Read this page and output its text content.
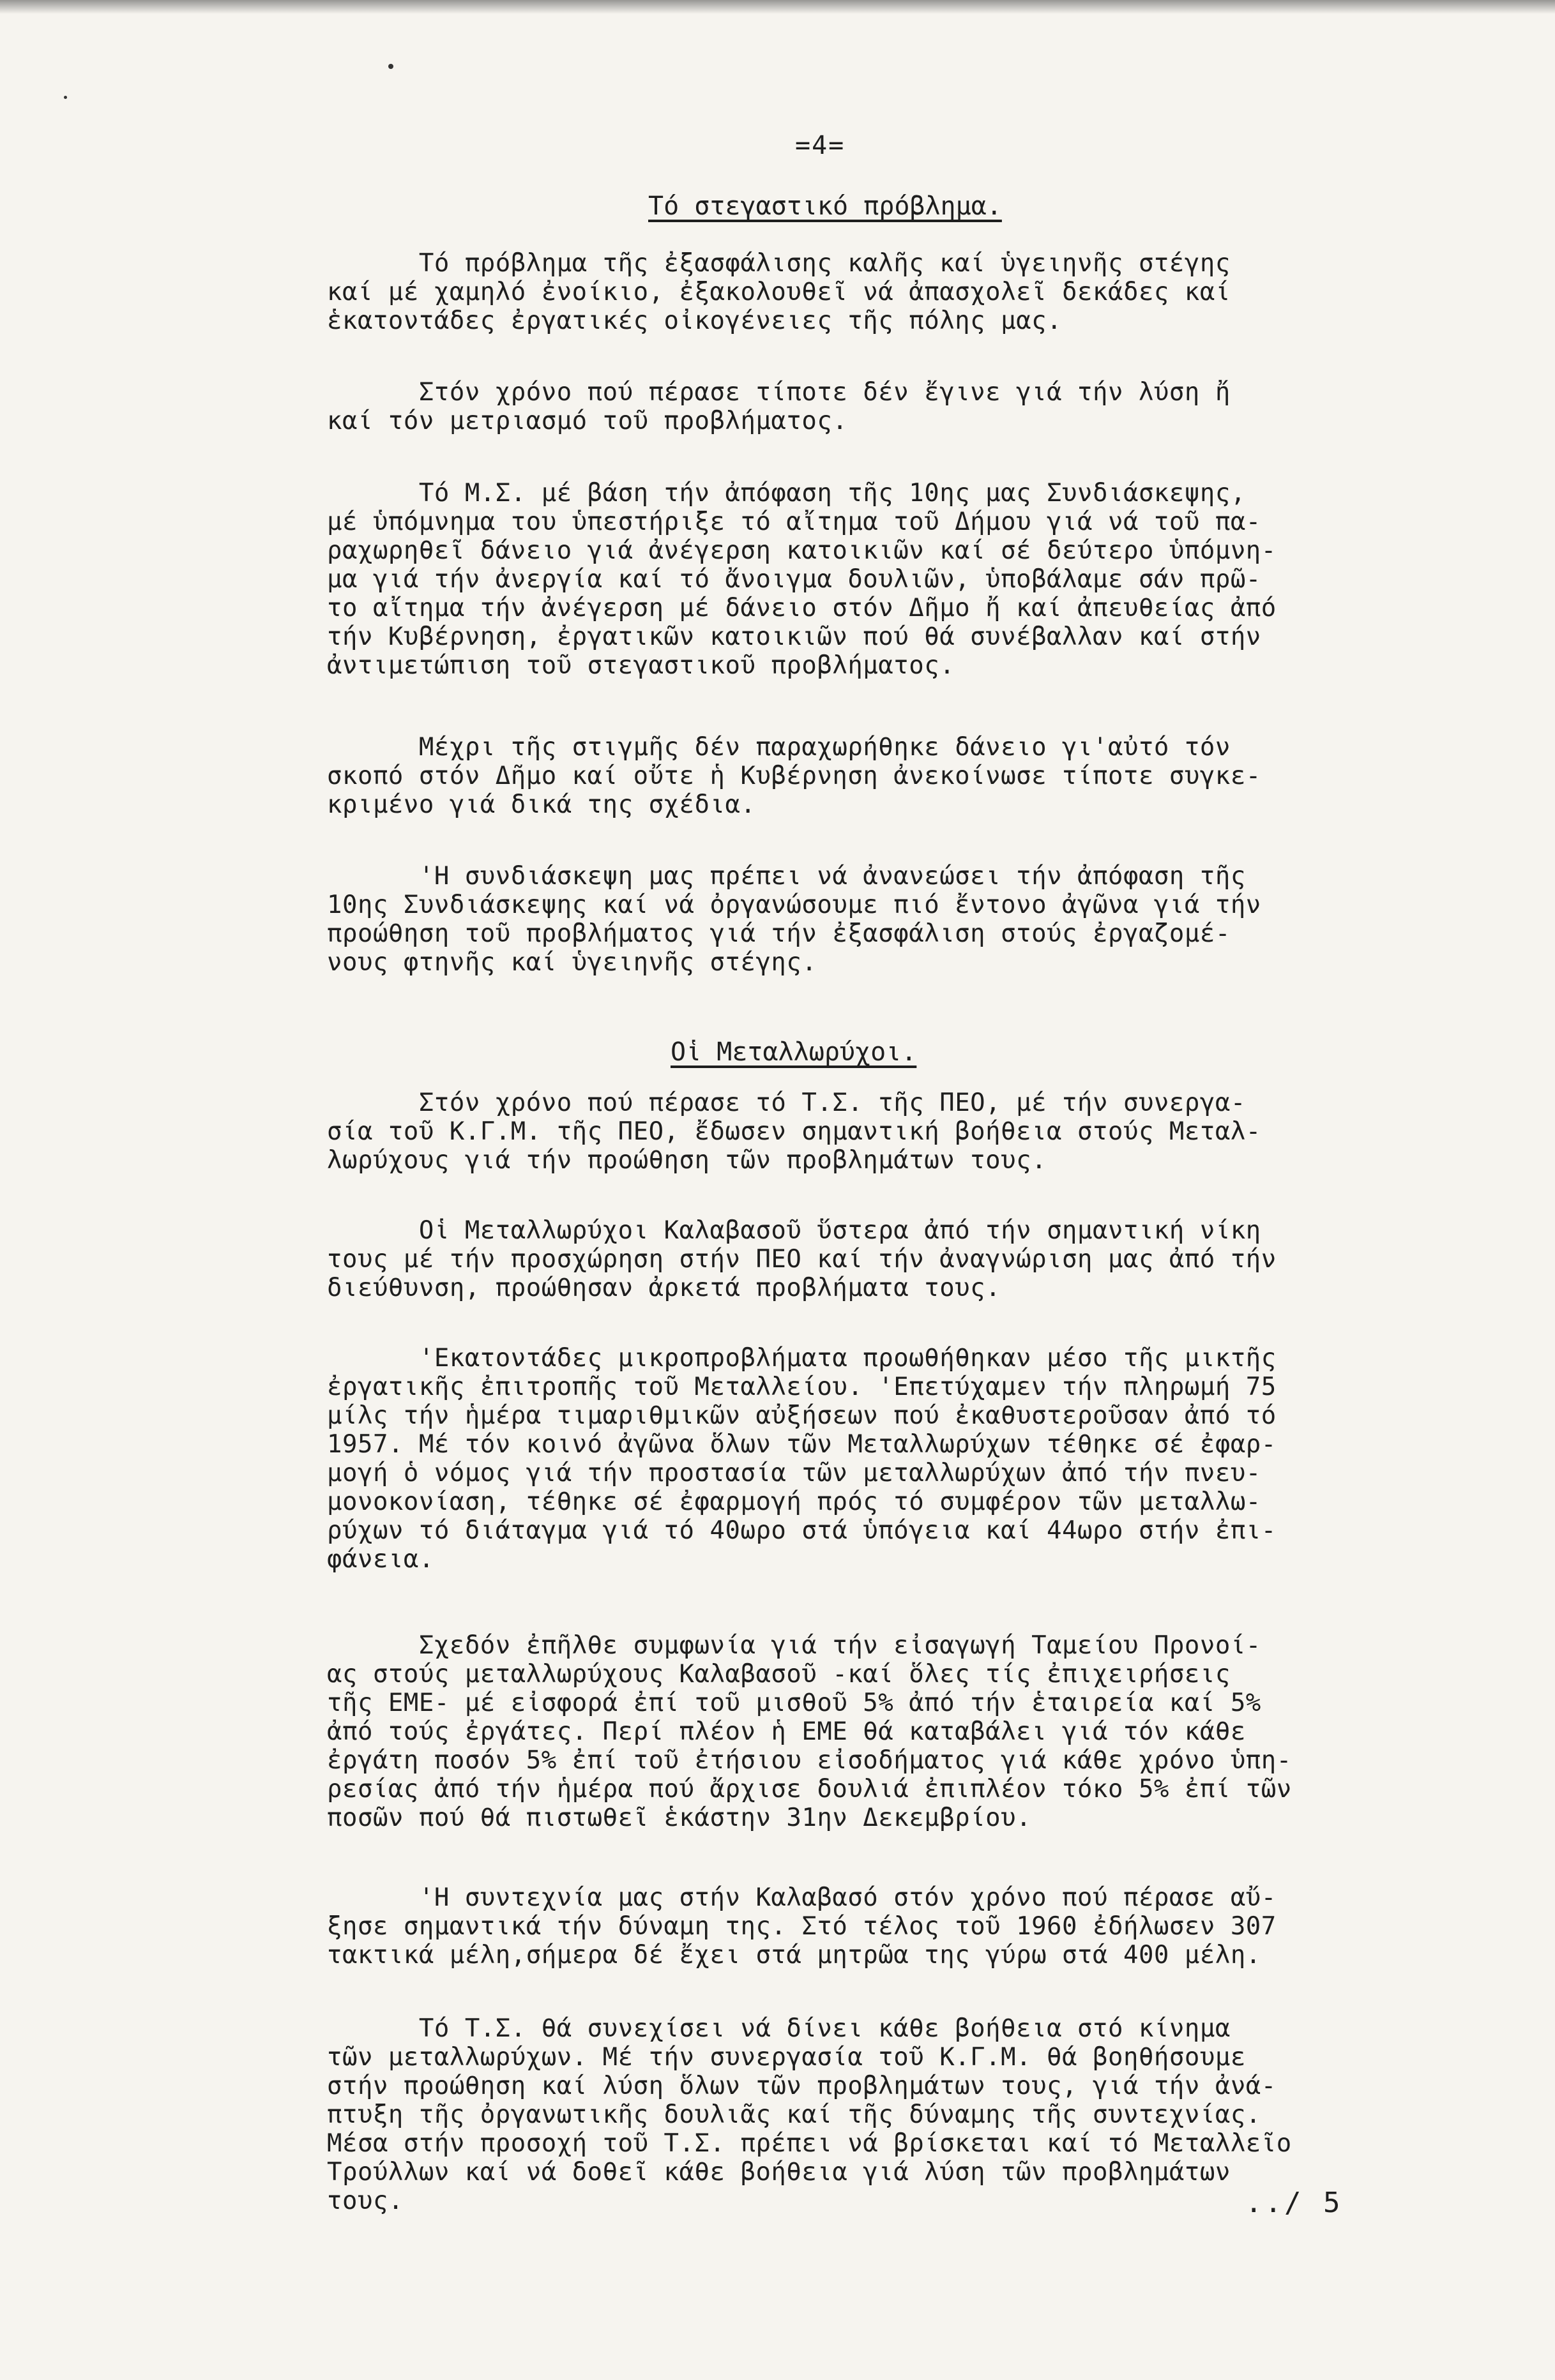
=4=
Τό στεγαστικό πρόβλημα.
Τό πρόβλημα τῆς ἐξασφάλισης καλῆς καί ὑγειηνῆς στέγης
καί μέ χαμηλό ἐνοίκιο, ἐξακολουθεῖ νά ἀπασχολεῖ δεκάδες καί
ἑκατοντάδες ἐργατικές οἰκογένειες τῆς πόλης μας.
Στόν χρόνο πού πέρασε τίποτε δέν ἔγινε γιά τήν λύση ἤ
καί τόν μετριασμό τοῦ προβλήματος.
Τό Μ.Σ. μέ βάση τήν ἀπόφαση τῆς 10ης μας Συνδιάσκεψης,
μέ ὑπόμνημα του ὑπεστήριξε τό αἴτημα τοῦ Δήμου γιά νά τοῦ πα-
ραχωρηθεῖ δάνειο γιά ἀνέγερση κατοικιῶν καί σέ δεύτερο ὑπόμνη-
μα γιά τήν ἀνεργία καί τό ἄνοιγμα δουλιῶν, ὑποβάλαμε σάν πρῶ-
το αἴτημα τήν ἀνέγερση μέ δάνειο στόν Δῆμο ἤ καί ἀπευθείας ἀπό
τήν Κυβέρνηση, ἐργατικῶν κατοικιῶν πού θά συνέβαλλαν καί στήν
ἀντιμετώπιση τοῦ στεγαστικοῦ προβλήματος.
Μέχρι τῆς στιγμῆς δέν παραχωρήθηκε δάνειο γι'αὐτό τόν
σκοπό στόν Δῆμο καί οὔτε ἡ Κυβέρνηση ἀνεκοίνωσε τίποτε συγκε-
κριμένο γιά δικά της σχέδια.
'Η συνδιάσκεψη μας πρέπει νά ἀνανεώσει τήν ἀπόφαση τῆς
10ης Συνδιάσκεψης καί νά ὀργανώσουμε πιό ἔντονο ἀγῶνα γιά τήν
προώθηση τοῦ προβλήματος γιά τήν ἐξασφάλιση στούς ἐργαζομέ-
νους φτηνῆς καί ὑγειηνῆς στέγης.
Οἱ Μεταλλωρύχοι.
Στόν χρόνο πού πέρασε τό Τ.Σ. τῆς ΠΕΟ, μέ τήν συνεργα-
σία τοῦ Κ.Γ.Μ. τῆς ΠΕΟ, ἔδωσεν σημαντική βοήθεια στούς Μεταλ-
λωρύχους γιά τήν προώθηση τῶν προβλημάτων τους.
Οἱ Μεταλλωρύχοι Καλαβασοῦ ὕστερα ἀπό τήν σημαντική νίκη
τους μέ τήν προσχώρηση στήν ΠΕΟ καί τήν ἀναγνώριση μας ἀπό τήν
διεύθυνση, προώθησαν ἀρκετά προβλήματα τους.
'Εκατοντάδες μικροπροβλήματα προωθήθηκαν μέσο τῆς μικτῆς
ἐργατικῆς ἐπιτροπῆς τοῦ Μεταλλείου. 'Επετύχαμεν τήν πληρωμή 75
μίλς τήν ἡμέρα τιμαριθμικῶν αὐξήσεων πού ἐκαθυστεροῦσαν ἀπό τό
1957. Μέ τόν κοινό ἀγῶνα ὅλων τῶν Μεταλλωρύχων τέθηκε σέ ἐφαρ-
μογή ὁ νόμος γιά τήν προστασία τῶν μεταλλωρύχων ἀπό τήν πνευ-
μονοκονίαση, τέθηκε σέ ἐφαρμογή πρός τό συμφέρον τῶν μεταλλω-
ρύχων τό διάταγμα γιά τό 40ωρο στά ὑπόγεια καί 44ωρο στήν ἐπι-
φάνεια.
Σχεδόν ἐπῆλθε συμφωνία γιά τήν εἰσαγωγή Ταμείου Προνοί-
ας στούς μεταλλωρύχους Καλαβασοῦ -καί ὅλες τίς ἐπιχειρήσεις
τῆς ΕΜΕ- μέ εἰσφορά ἐπί τοῦ μισθοῦ 5% ἀπό τήν ἑταιρεία καί 5%
ἀπό τούς ἐργάτες. Περί πλέον ἡ ΕΜΕ θά καταβάλει γιά τόν κάθε
ἐργάτη ποσόν 5% ἐπί τοῦ ἐτήσιου εἰσοδήματος γιά κάθε χρόνο ὑπη-
ρεσίας ἀπό τήν ἡμέρα πού ἄρχισε δουλιά ἐπιπλέον τόκο 5% ἐπί τῶν
ποσῶν πού θά πιστωθεῖ ἑκάστην 31ην Δεκεμβρίου.
'Η συντεχνία μας στήν Καλαβασό στόν χρόνο πού πέρασε αὔ-
ξησε σημαντικά τήν δύναμη της. Στό τέλος τοῦ 1960 ἐδήλωσεν 307
τακτικά μέλη,σήμερα δέ ἔχει στά μητρῶα της γύρω στά 400 μέλη.
Τό Τ.Σ. θά συνεχίσει νά δίνει κάθε βοήθεια στό κίνημα
τῶν μεταλλωρύχων. Μέ τήν συνεργασία τοῦ Κ.Γ.Μ. θά βοηθήσουμε
στήν προώθηση καί λύση ὅλων τῶν προβλημάτων τους, γιά τήν ἀνά-
πτυξη τῆς ὀργανωτικῆς δουλιᾶς καί τῆς δύναμης τῆς συντεχνίας.
Μέσα στήν προσοχή τοῦ Τ.Σ. πρέπει νά βρίσκεται καί τό Μεταλλεῖο
Τρούλλων καί νά δοθεῖ κάθε βοήθεια γιά λύση τῶν προβλημάτων
τους.	../ 5
